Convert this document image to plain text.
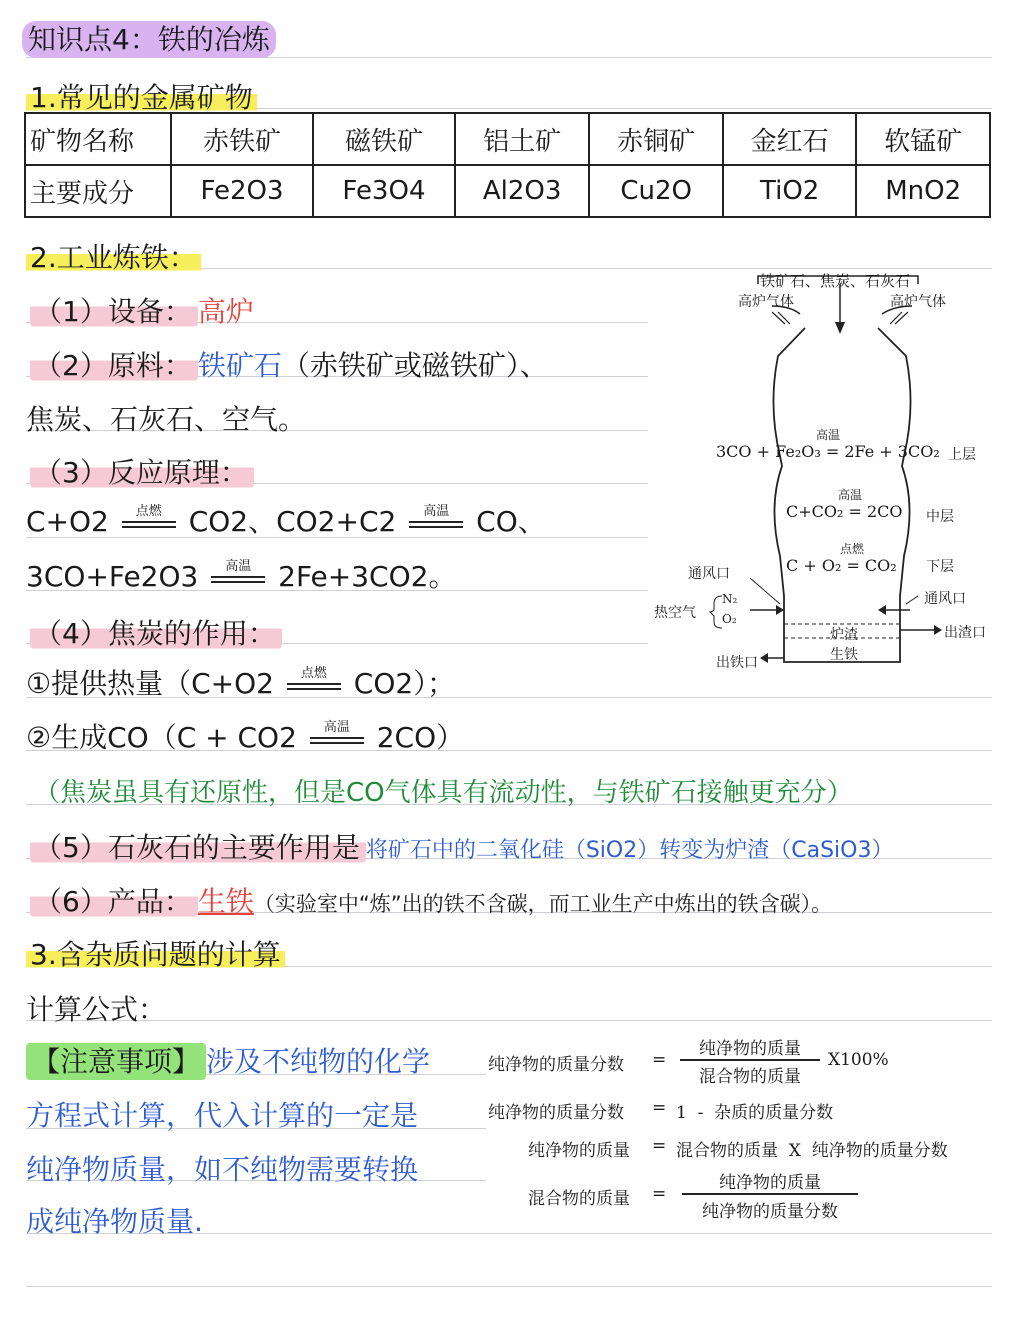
知识点4：铁的冶炼
1.常见的金属矿物
矿物名称	赤铁矿	磁铁矿	铝土矿	赤铜矿	金红石	软锰矿
主要成分	Fe2O3	Fe3O4	Al2O3	Cu2O	TiO2	MnO2
2.工业炼铁：
（1）设备： 高炉
（2）原料： 铁矿石（赤铁矿或磁铁矿）、
焦炭、石灰石、空气。
（3）反应原理：
C+O2 点燃 CO2、CO2+C2 高温 CO、
3CO+Fe2O3 高温 2Fe+3CO2。
（4）焦炭的作用：
①提供热量（C+O2 点燃 CO2）；
②生成CO（C + CO2 高温 2CO）
（焦炭虽具有还原性，但是CO气体具有流动性，与铁矿石接触更充分）
（5）石灰石的主要作用是 将矿石中的二氧化硅（SiO2）转变为炉渣（CaSiO3）
（6）产品： 生铁（实验室中“炼”出的铁不含碳，而工业生产中炼出的铁含碳）。
铁矿石、焦炭、石灰石
高炉气体	高炉气体
高温
3CO + Fe₂O₃ = 2Fe + 3CO₂ 上层
高温
C+CO₂ = 2CO 中层
点燃
C + O₂ = CO₂ 下层
通风口
通风口
热空气
N₂
O₂
炉渣
生铁
出渣口
出铁口
3.含杂质问题的计算
计算公式：
【注意事项】 涉及不纯物的化学
方程式计算，代入计算的一定是
纯净物质量，如不纯物需要转换
成纯净物质量.
纯净物的质量分数 =
纯净物的质量
混合物的质量
X100%
纯净物的质量分数 = 1  -  杂质的质量分数
纯净物的质量 = 混合物的质量  X  纯净物的质量分数
混合物的质量 =
纯净物的质量
纯净物的质量分数
